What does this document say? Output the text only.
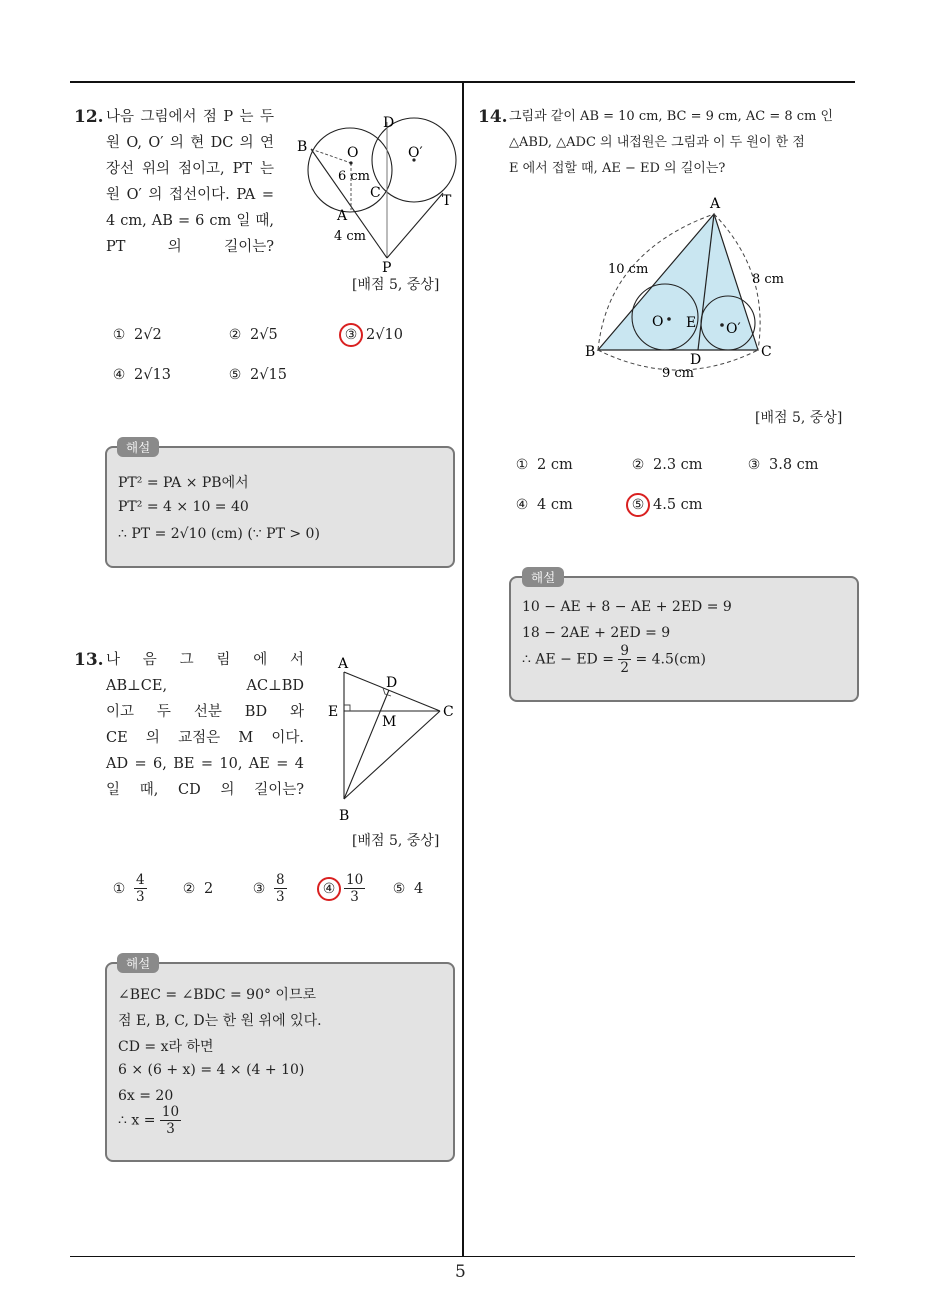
5
12. 나음 그림에서 점 P 는 두
원 O, O′ 의 현 DC 의 연
장선 위의 점이고, PT 는
원 O′ 의 접선이다. PA =
4 cm, AB = 6 cm 일 때,
PT 의 길이는?
B
D
O	O′
6 cm
C	T
A
4 cm
P
[배점 5, 중상]
① 2√2	② 2√5	③ 2√10
④ 2√13	⑤ 2√15
해설
PT² = PA × PB에서
PT² = 4 × 10 = 40
∴ PT = 2√10 (cm) (∵ PT > 0)
13. 나 음 그 림 에 서
AB⊥CE, AC⊥BD
이고 두 선분 BD 와
CE 의 교점은 M 이다.
AD = 6, BE = 10, AE = 4
일 때, CD 의 길이는?
A
D
E
M
C
B
[배점 5, 중상]
① $\frac{4}{3}$	② 2	③ $\frac{8}{3}$	④ $\frac{10}{3}$ ⑤ 4
해설
∠BEC = ∠BDC = 90° 이므로
점 E, B, C, D는 한 원 위에 있다.
CD = x라 하면
6 × (6 + x) = 4 × (4 + 10)
6x = 20
∴ $x = \frac{10}{3}$
14. 그림과 같이 AB = 10 cm, BC = 9 cm, AC = 8 cm 인
△ABD, △ADC 의 내접원은 그림과 이 두 원이 한 점
E 에서 접할 때, AE − ED 의 길이는?
A
B	C
D
E
O	O′
10 cm
8 cm
9 cm
[배점 5, 중상]
① 2 cm	② 2.3 cm	③ 3.8 cm
④ 4 cm	⑤ 4.5 cm
해설
10 − AE + 8 − AE + 2ED = 9
18 − 2AE + 2ED = 9
∴ AE − ED = $\frac{9}{2} = 4.5(cm)$
